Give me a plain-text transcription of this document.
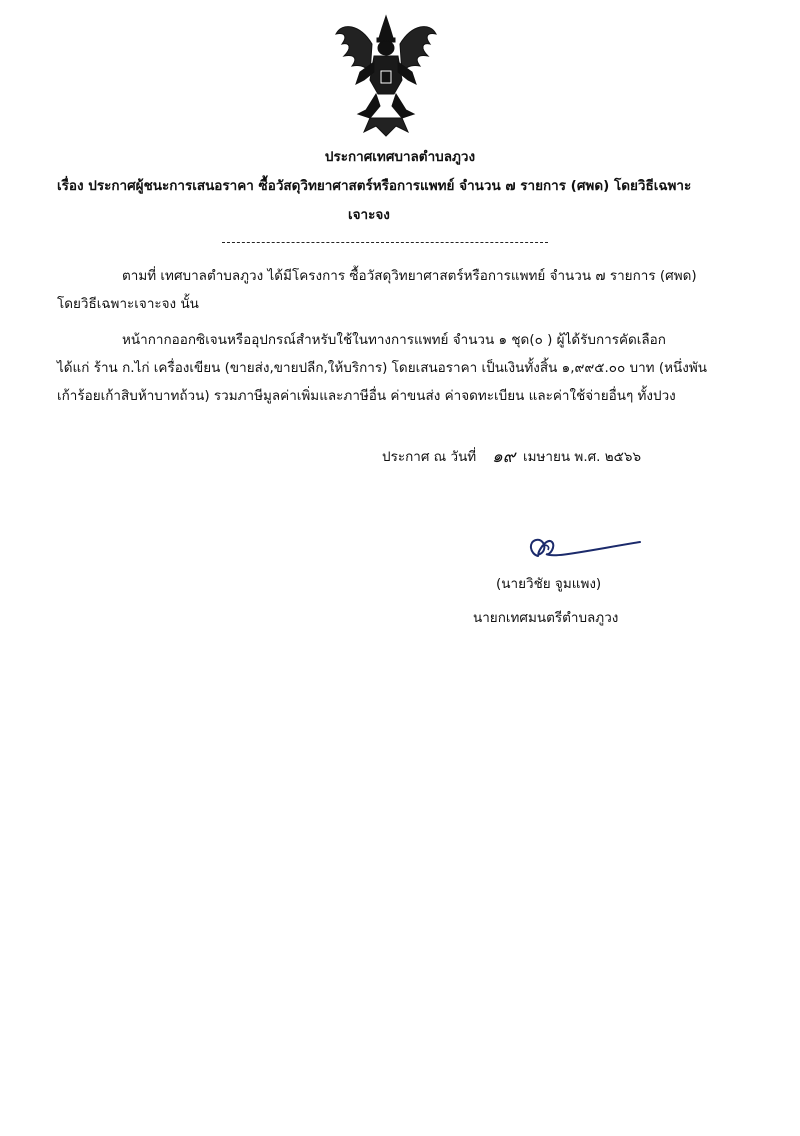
ประกาศเทศบาลตำบลภูวง
เรื่อง ประกาศผู้ชนะการเสนอราคา ซื้อวัสดุวิทยาศาสตร์หรือการแพทย์ จำนวน ๗ รายการ (ศพด) โดยวิธีเฉพาะ
เจาะจง
ตามที่ เทศบาลตำบลภูวง ได้มีโครงการ ซื้อวัสดุวิทยาศาสตร์หรือการแพทย์ จำนวน ๗ รายการ (ศพด)
โดยวิธีเฉพาะเจาะจง นั้น
หน้ากากออกซิเจนหรืออุปกรณ์สำหรับใช้ในทางการแพทย์ จำนวน ๑ ชุด(๐ ) ผู้ได้รับการคัดเลือก
ได้แก่ ร้าน ก.ไก่ เครื่องเขียน (ขายส่ง,ขายปลีก,ให้บริการ) โดยเสนอราคา เป็นเงินทั้งสิ้น ๑,๙๙๕.๐๐ บาท (หนึ่งพัน
เก้าร้อยเก้าสิบห้าบาทถ้วน) รวมภาษีมูลค่าเพิ่มและภาษีอื่น ค่าขนส่ง ค่าจดทะเบียน และค่าใช้จ่ายอื่นๆ ทั้งปวง
ประกาศ ณ วันที่ ๑๙ เมษายน พ.ศ. ๒๕๖๖
(นายวิชัย จูมแพง)
นายกเทศมนตรีตำบลภูวง
